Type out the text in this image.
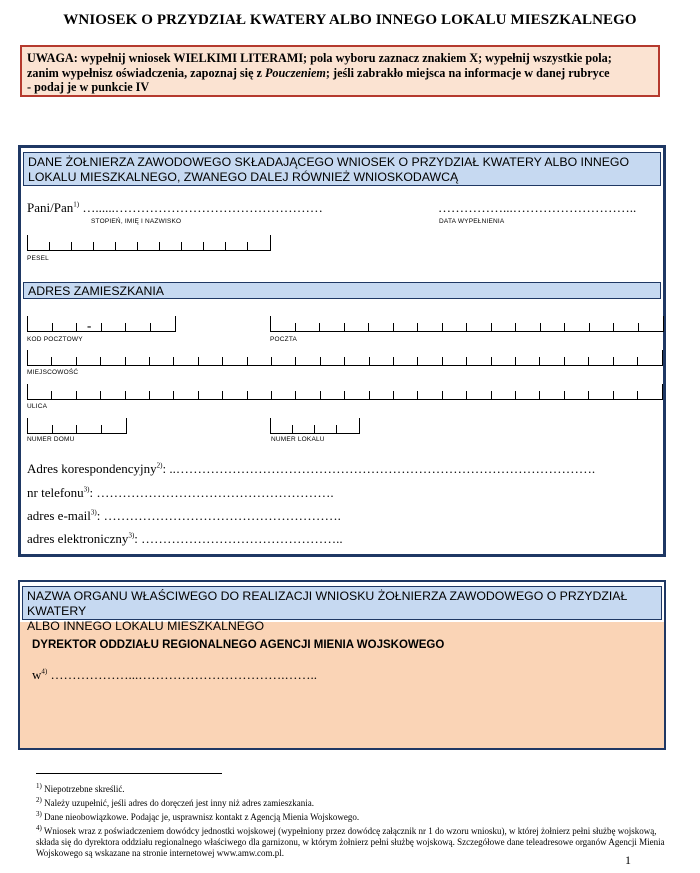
WNIOSEK O PRZYDZIAŁ KWATERY ALBO INNEGO LOKALU MIESZKALNEGO
UWAGA: wypełnij wniosek WIELKIMI LITERAMI; pola wyboru zaznacz znakiem X; wypełnij wszystkie pola;
zanim wypełnisz oświadczenia, zapoznaj się z Pouczeniem; jeśli zabrakło miejsca na informacje w danej rubryce
- podaj je w punkcie IV
DANE ŻOŁNIERZA ZAWODOWEGO SKŁADAJĄCEGO WNIOSEK O PRZYDZIAŁ KWATERY ALBO INNEGO
LOKALU MIESZKALNEGO, ZWANEGO DALEJ RÓWNIEŻ WNIOSKODAWCĄ
Pani/Pan$^{1)}$ …......…………………………………………	……………...………………………..
STOPIEŃ, IMIĘ I NAZWISKO	DATA WYPEŁNIENIA
PESEL
ADRES ZAMIESZKANIA
-
KOD POCZTOWY	POCZTA
MIEJSCOWOŚĆ
ULICA
NUMER DOMU	NUMER LOKALU
Adres korespondencyjny$^{2)}$: ..…………………………………………………………………………………….
nr telefonu$^{3)}$: ……………………………………………….
adres e-mail$^{3)}$: ……………………………………………….
adres elektroniczny$^{3)}$: ………………………………………..
NAZWA ORGANU WŁAŚCIWEGO DO REALIZACJI WNIOSKU ŻOŁNIERZA ZAWODOWEGO O PRZYDZIAŁ KWATERY
ALBO INNEGO LOKALU MIESZKALNEGO
DYREKTOR ODDZIAŁU REGIONALNEGO AGENCJI MIENIA WOJSKOWEGO
$w^{4)}$ ………………...…………………………….……..
$^{1)}$ Niepotrzebne skreślić.
$^{2)}$ Należy uzupełnić, jeśli adres do doręczeń jest inny niż adres zamieszkania.
$^{3)}$ Dane nieobowiązkowe. Podając je, usprawnisz kontakt z Agencją Mienia Wojskowego.
$^{4)}$ Wniosek wraz z poświadczeniem dowódcy jednostki wojskowej (wypełniony przez dowódcę załącznik nr 1 do wzoru wniosku), w której żołnierz pełni służbę wojskową, składa się do dyrektora oddziału regionalnego właściwego dla garnizonu, w którym żołnierz pełni służbę wojskową. Szczegółowe dane teleadresowe organów Agencji Mienia Wojskowego są wskazane na stronie internetowej www.amw.com.pl.	1
